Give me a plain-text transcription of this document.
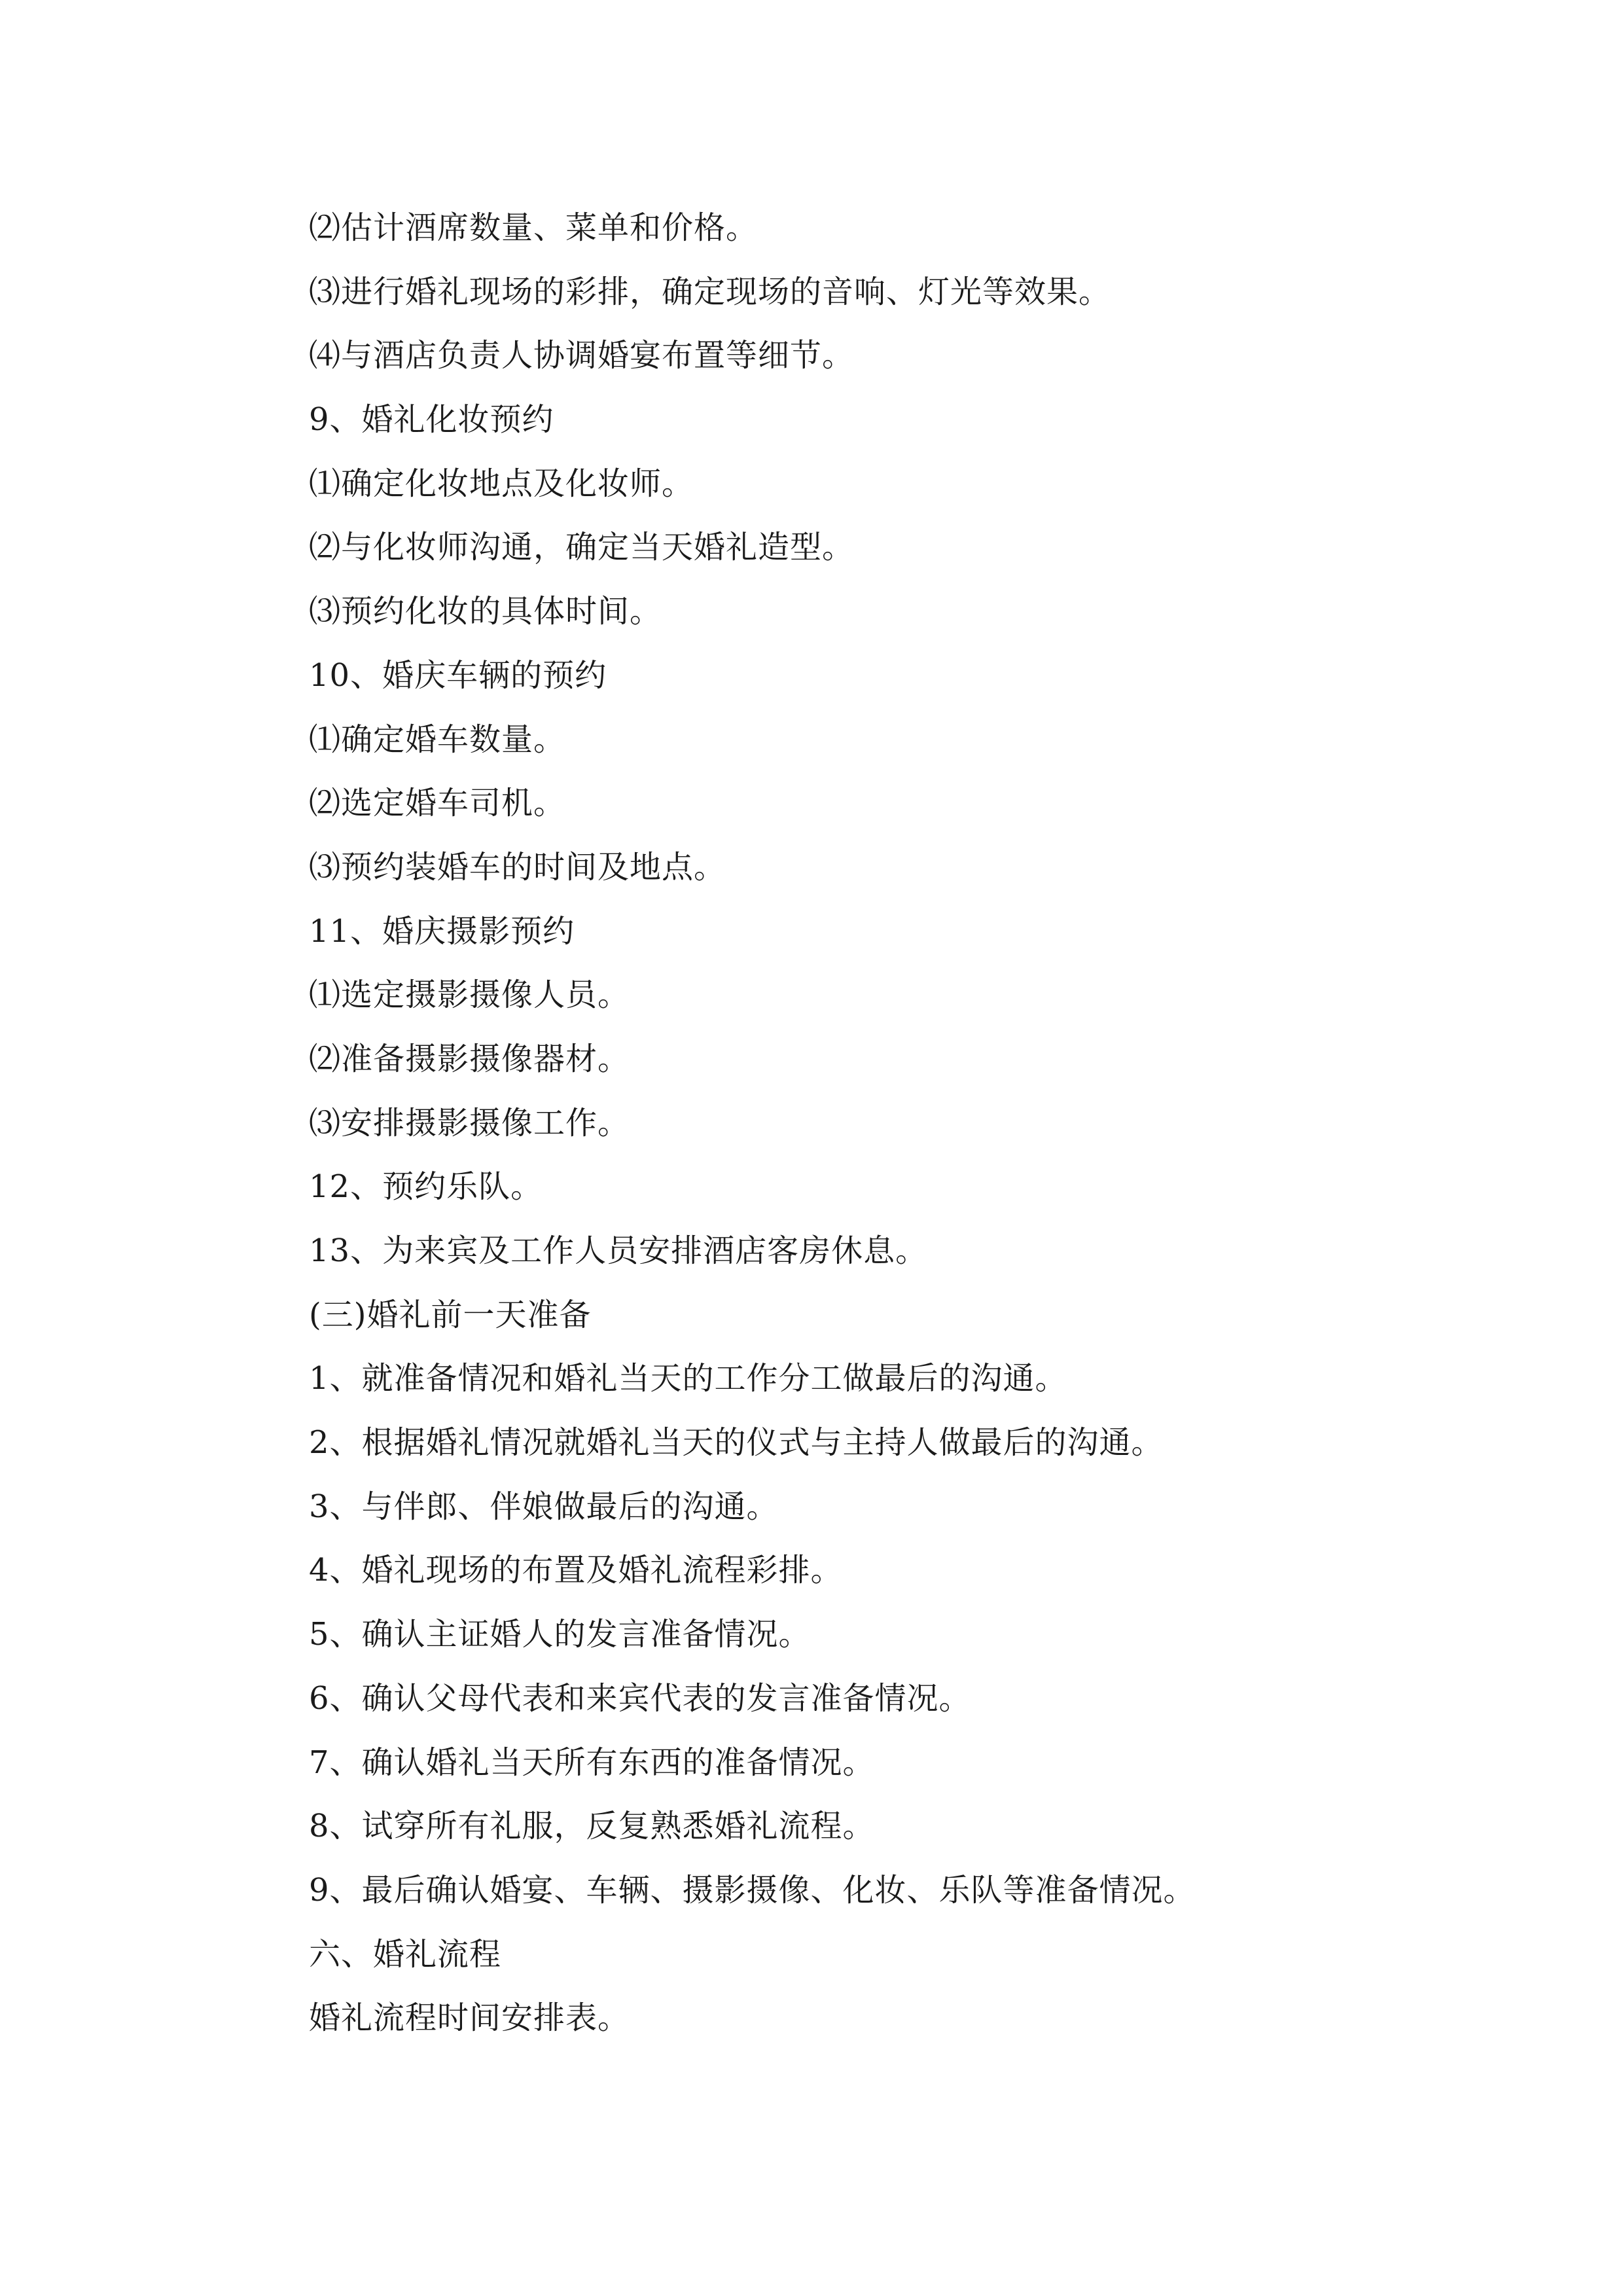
⑵估计酒席数量、菜单和价格。
⑶进行婚礼现场的彩排，确定现场的音响、灯光等效果。
⑷与酒店负责人协调婚宴布置等细节。
9、婚礼化妆预约
⑴确定化妆地点及化妆师。
⑵与化妆师沟通，确定当天婚礼造型。
⑶预约化妆的具体时间。
10、婚庆车辆的预约
⑴确定婚车数量。
⑵选定婚车司机。
⑶预约装婚车的时间及地点。
11、婚庆摄影预约
⑴选定摄影摄像人员。
⑵准备摄影摄像器材。
⑶安排摄影摄像工作。
12、预约乐队。
13、为来宾及工作人员安排酒店客房休息。
(三)婚礼前一天准备
1、就准备情况和婚礼当天的工作分工做最后的沟通。
2、根据婚礼情况就婚礼当天的仪式与主持人做最后的沟通。
3、与伴郎、伴娘做最后的沟通。
4、婚礼现场的布置及婚礼流程彩排。
5、确认主证婚人的发言准备情况。
6、确认父母代表和来宾代表的发言准备情况。
7、确认婚礼当天所有东西的准备情况。
8、试穿所有礼服，反复熟悉婚礼流程。
9、最后确认婚宴、车辆、摄影摄像、化妆、乐队等准备情况。
六、婚礼流程
婚礼流程时间安排表。
